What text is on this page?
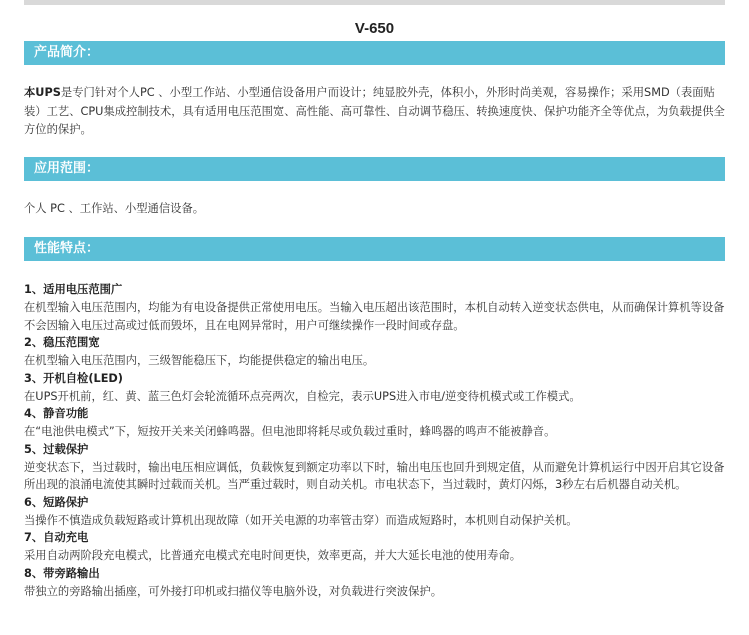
V-650
产品简介：
本UPS是专门针对个人PC 、小型工作站、小型通信设备用户而设计；纯显胶外壳，体积小，外形时尚美观，容易操作；采用SMD（表面贴装）工艺、CPU集成控制技术，具有适用电压范围宽、高性能、高可靠性、自动调节稳压、转换速度快、保护功能齐全等优点，为负载提供全方位的保护。
应用范围：
个人 PC 、工作站、小型通信设备。
性能特点：
1、适用电压范围广
在机型输入电压范围内，均能为有电设备提供正常使用电压。当输入电压超出该范围时，本机自动转入逆变状态供电，从而确保计算机等设备不会因输入电压过高或过低而毁坏，且在电网异常时，用户可继续操作一段时间或存盘。
2、稳压范围宽
在机型输入电压范围内，三级智能稳压下，均能提供稳定的输出电压。
3、开机自检(LED)
在UPS开机前，红、黄、蓝三色灯会轮流循环点亮两次，自检完，表示UPS进入市电/逆变待机模式或工作模式。
4、静音功能
在“电池供电模式”下，短按开关来关闭蜂鸣器。但电池即将耗尽或负载过重时，蜂鸣器的鸣声不能被静音。
5、过载保护
逆变状态下，当过载时，输出电压相应调低，负载恢复到额定功率以下时，输出电压也回升到规定值，从而避免计算机运行中因开启其它设备所出现的浪涌电流使其瞬时过载而关机。当严重过载时，则自动关机。市电状态下，当过载时，黄灯闪烁，3秒左右后机器自动关机。
6、短路保护
当操作不慎造成负载短路或计算机出现故障（如开关电源的功率管击穿）而造成短路时，本机则自动保护关机。
7、自动充电
采用自动两阶段充电模式，比普通充电模式充电时间更快，效率更高，并大大延长电池的使用寿命。
8、带旁路输出
带独立的旁路输出插座，可外接打印机或扫描仪等电脑外设，对负载进行突波保护。
